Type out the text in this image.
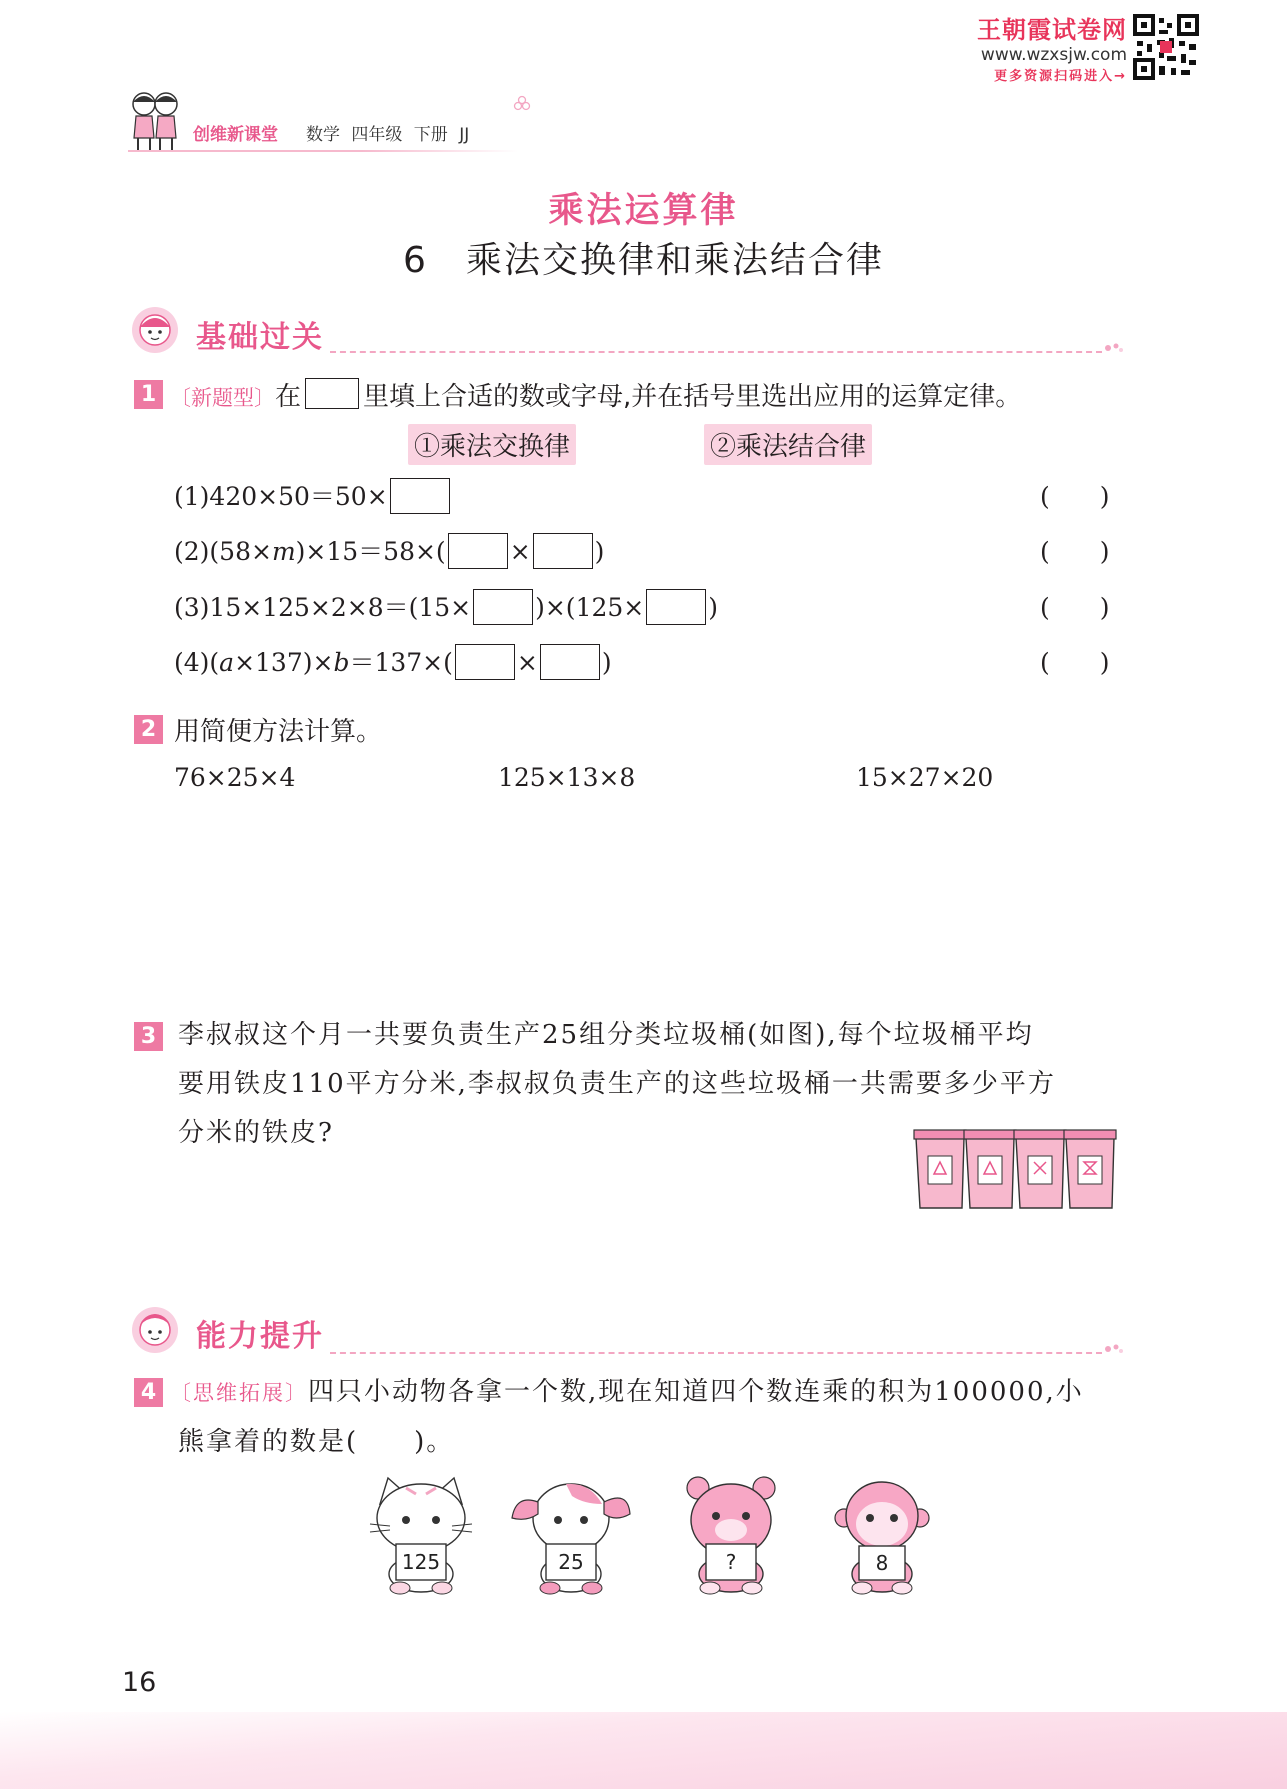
王朝霞试卷网
www.wzxsjw.com
更多资源扫码进入→
创维新课堂 数学 四年级 下册 JJ
乘法运算律
6　乘法交换律和乘法结合律
基础过关
1 〔新题型〕在 里填上合适的数或字母,并在括号里选出应用的运算定律。
①乘法交换律	②乘法结合律
(1)420×50＝50×	(　　)
(2)(58×m)×15＝58×(	×	)	(　　)
(3)15×125×2×8＝(15×	)×(125×	)	(　　)
(4)(a×137)×b＝137×(	×	)	(　　)
2 用简便方法计算。
76×25×4	125×13×8	15×27×20
3 李叔叔这个月一共要负责生产25组分类垃圾桶(如图),每个垃圾桶平均
要用铁皮110平方分米,李叔叔负责生产的这些垃圾桶一共需要多少平方
分米的铁皮?
能力提升
4 〔思维拓展〕四只小动物各拿一个数,现在知道四个数连乘的积为100000,小
熊拿着的数是(　　)。
125	25	?	8
16
